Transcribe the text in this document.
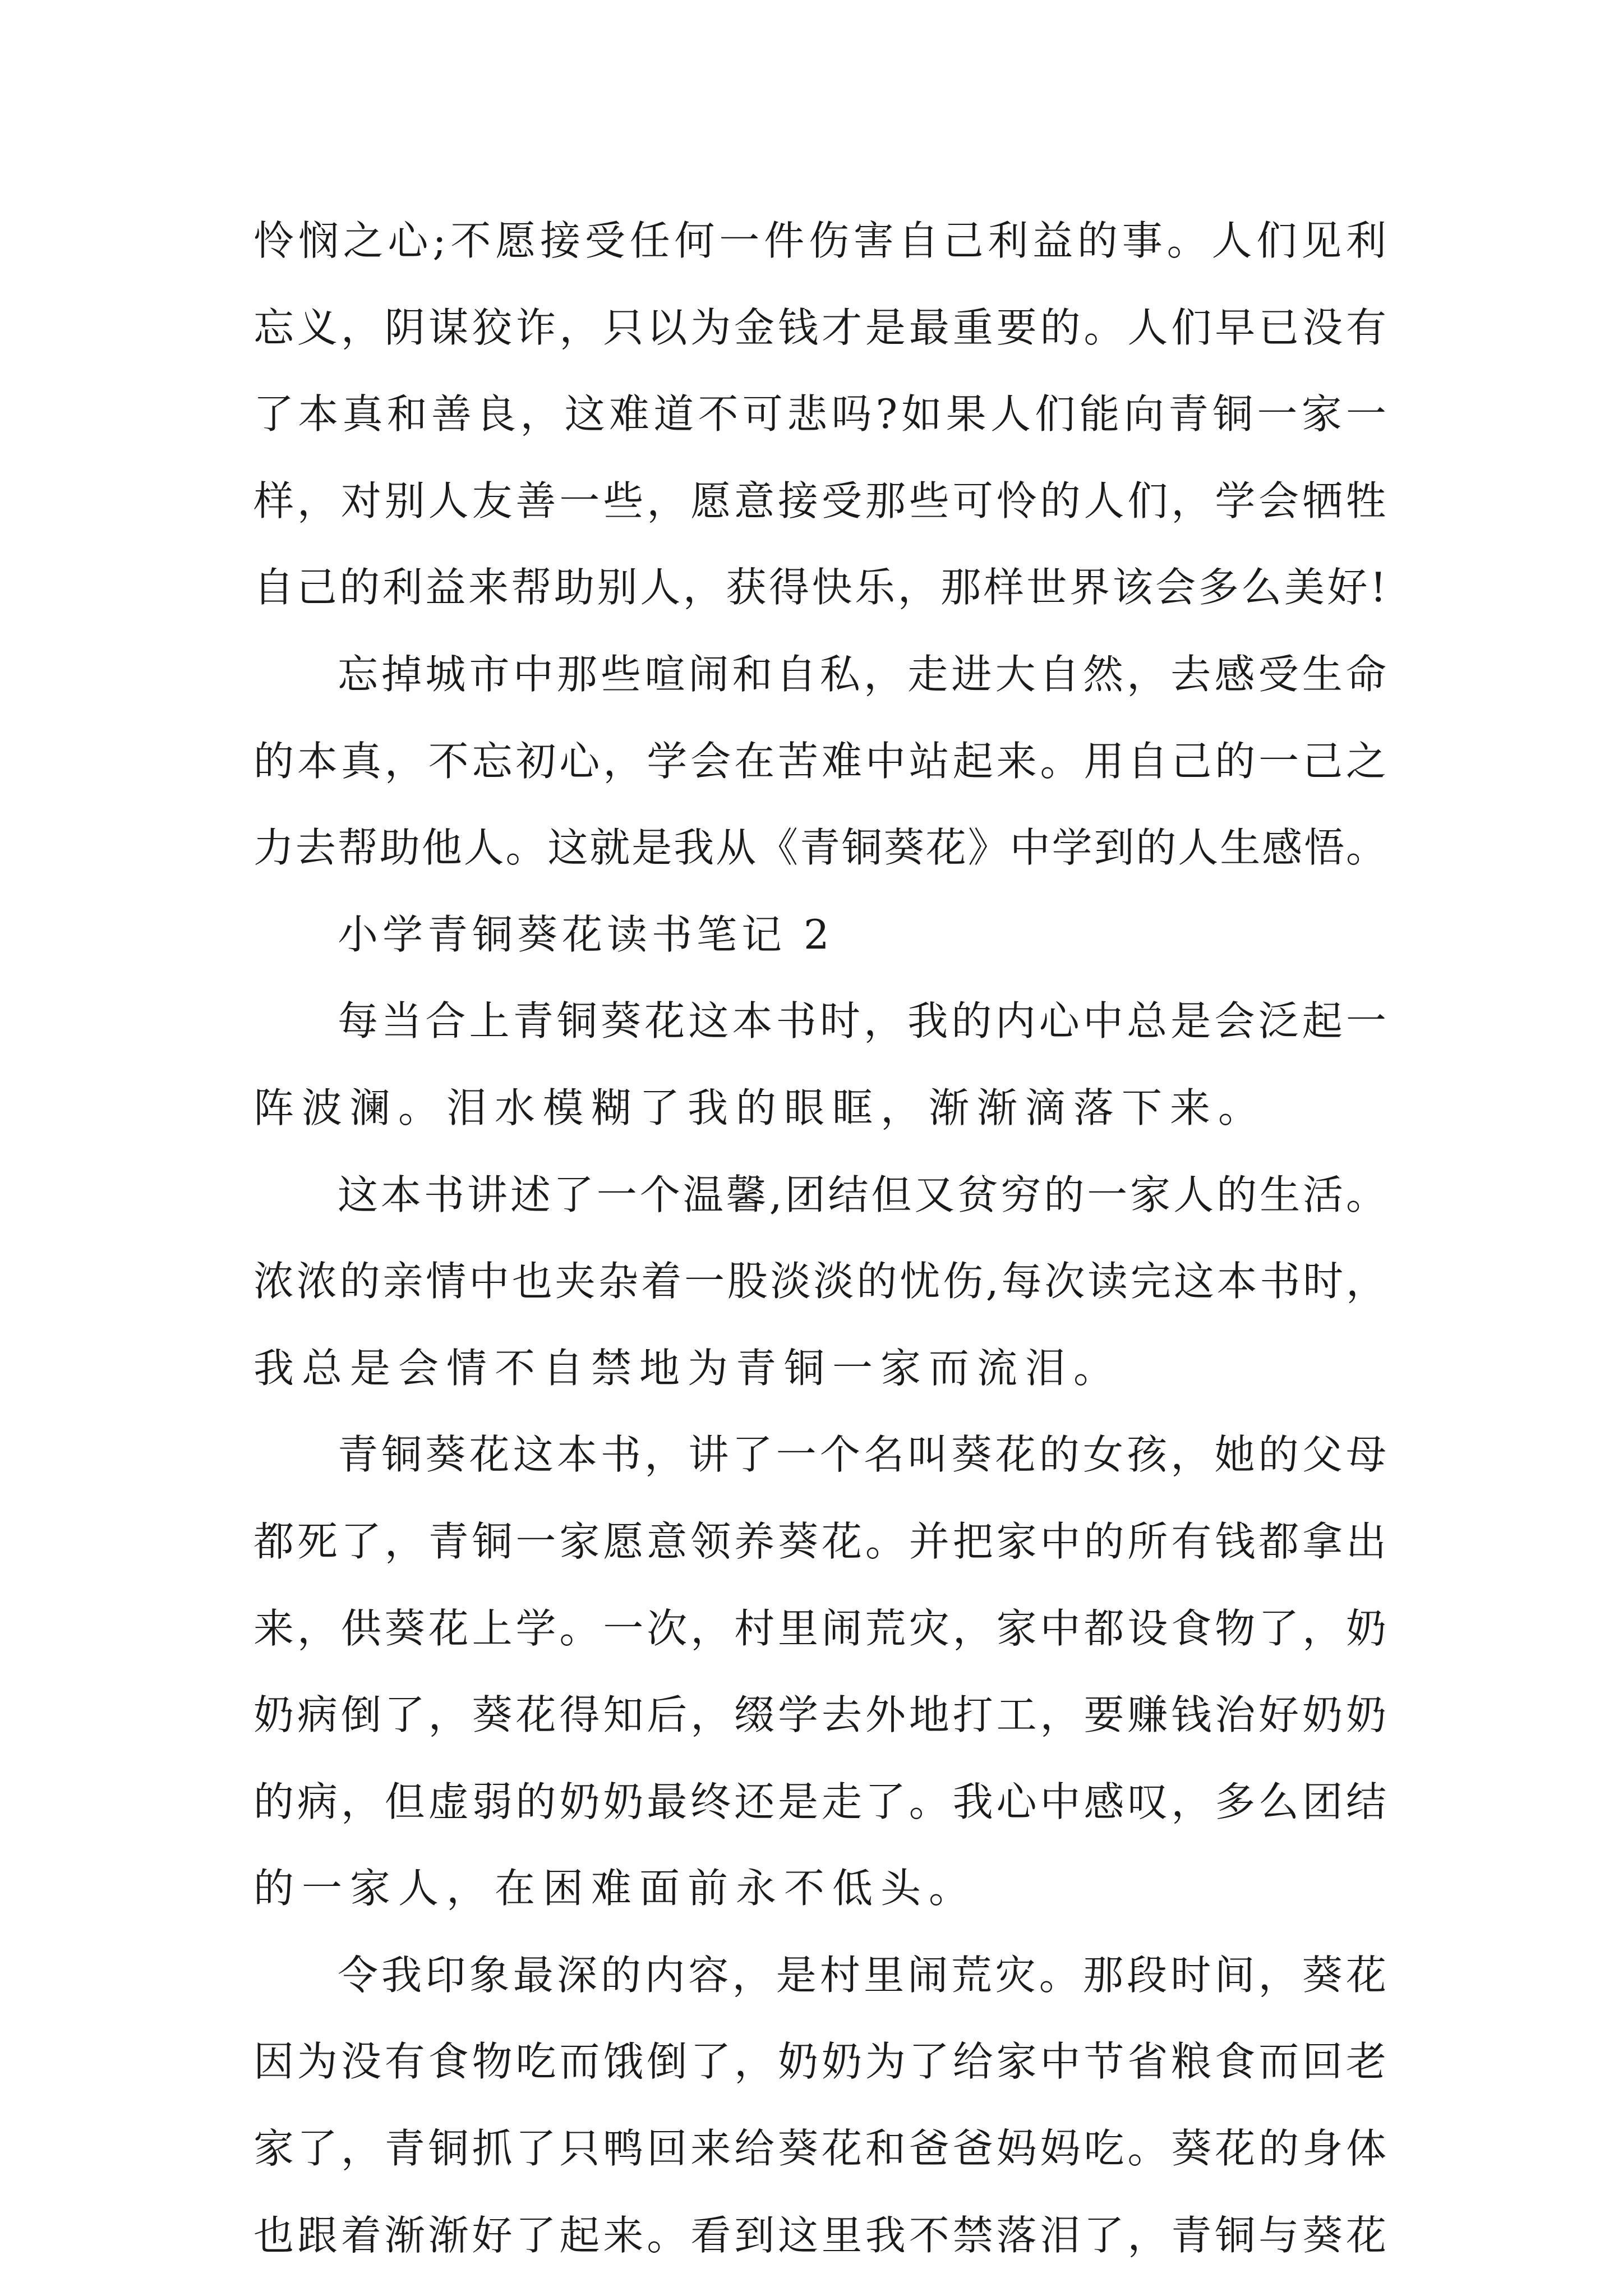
怜悯之心;不愿接受任何一件伤害自己利益的事。人们见利
忘义，阴谋狡诈，只以为金钱才是最重要的。人们早已没有
了本真和善良，这难道不可悲吗?如果人们能向青铜一家一
样，对别人友善一些，愿意接受那些可怜的人们，学会牺牲
自己的利益来帮助别人，获得快乐，那样世界该会多么美好!
忘掉城市中那些喧闹和自私，走进大自然，去感受生命
的本真，不忘初心，学会在苦难中站起来。用自己的一己之
力去帮助他人。这就是我从《青铜葵花》中学到的人生感悟。
小学青铜葵花读书笔记 2
每当合上青铜葵花这本书时，我的内心中总是会泛起一
阵波澜。泪水模糊了我的眼眶，渐渐滴落下来。
这本书讲述了一个温馨,团结但又贫穷的一家人的生活。
浓浓的亲情中也夹杂着一股淡淡的忧伤,每次读完这本书时，
我总是会情不自禁地为青铜一家而流泪。
青铜葵花这本书，讲了一个名叫葵花的女孩，她的父母
都死了，青铜一家愿意领养葵花。并把家中的所有钱都拿出
来，供葵花上学。一次，村里闹荒灾，家中都设食物了，奶
奶病倒了，葵花得知后，缀学去外地打工，要赚钱治好奶奶
的病，但虚弱的奶奶最终还是走了。我心中感叹，多么团结
的一家人，在困难面前永不低头。
令我印象最深的内容，是村里闹荒灾。那段时间，葵花
因为没有食物吃而饿倒了，奶奶为了给家中节省粮食而回老
家了，青铜抓了只鸭回来给葵花和爸爸妈妈吃。葵花的身体
也跟着渐渐好了起来。看到这里我不禁落泪了，青铜与葵花
